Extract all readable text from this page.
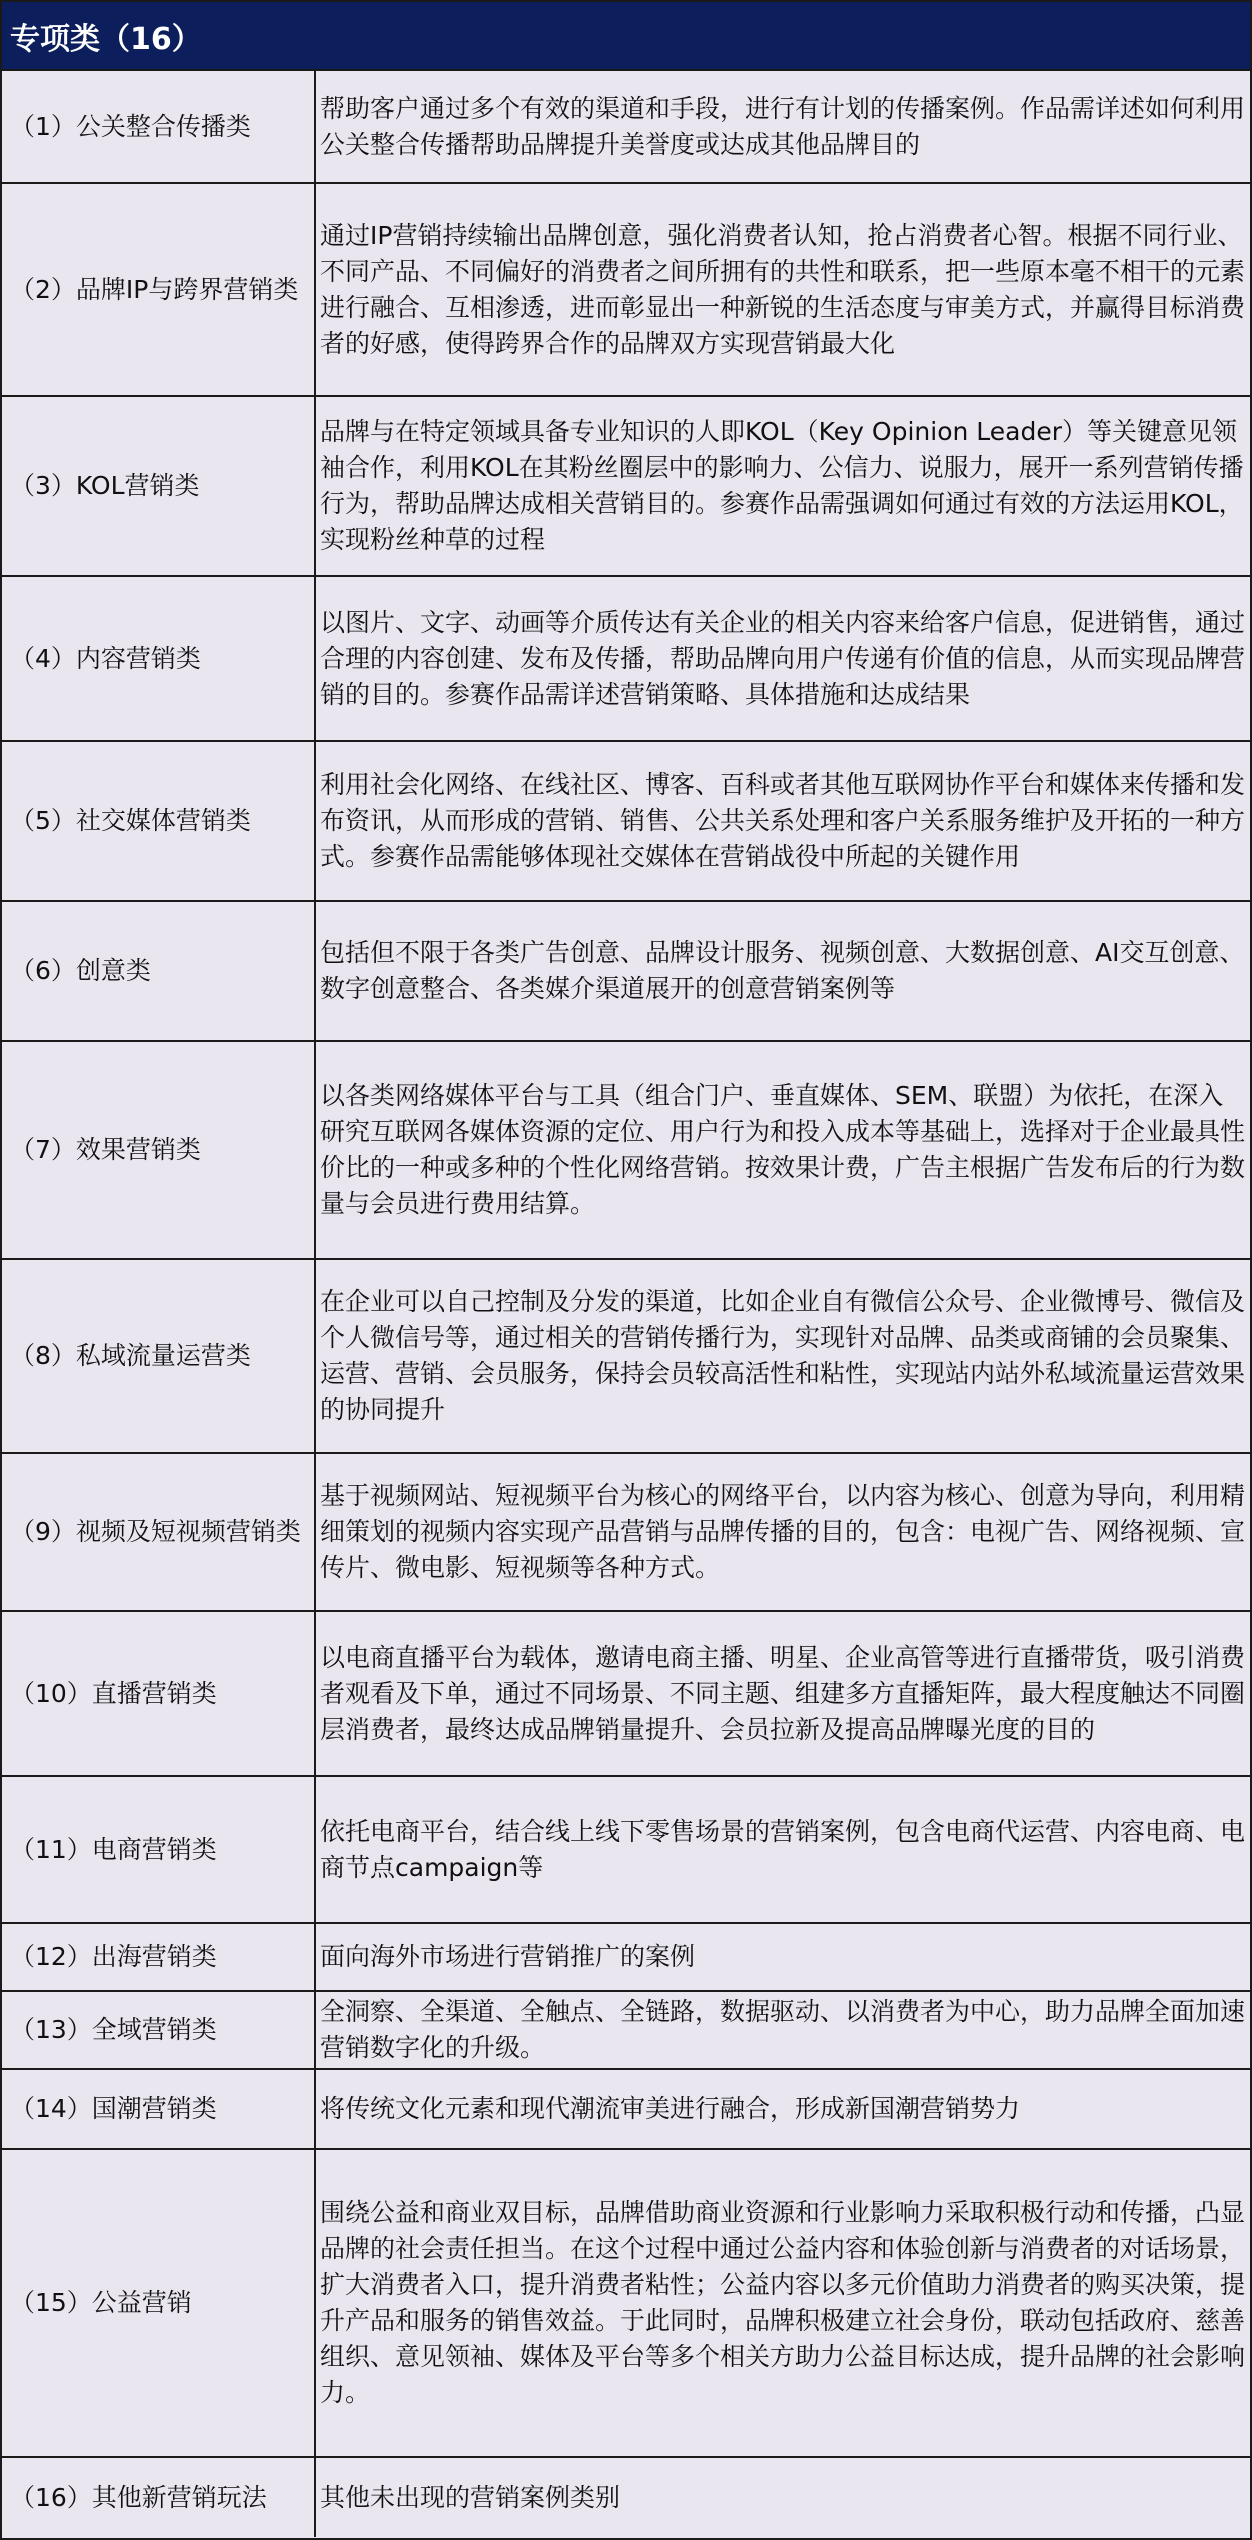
专项类（16）
（1）公关整合传播类	帮助客户通过多个有效的渠道和手段，进行有计划的传播案例。作品需详述如何利用公关整合传播帮助品牌提升美誉度或达成其他品牌目的
（2）品牌IP与跨界营销类	通过IP营销持续输出品牌创意，强化消费者认知，抢占消费者心智。根据不同行业、不同产品、不同偏好的消费者之间所拥有的共性和联系，把一些原本毫不相干的元素进行融合、互相渗透，进而彰显出一种新锐的生活态度与审美方式，并赢得目标消费者的好感，使得跨界合作的品牌双方实现营销最大化
（3）KOL营销类	品牌与在特定领域具备专业知识的人即KOL（Key Opinion Leader）等关键意见领袖合作，利用KOL在其粉丝圈层中的影响力、公信力、说服力，展开一系列营销传播行为，帮助品牌达成相关营销目的。参赛作品需强调如何通过有效的方法运用KOL，实现粉丝种草的过程
（4）内容营销类	以图片、文字、动画等介质传达有关企业的相关内容来给客户信息，促进销售，通过合理的内容创建、发布及传播，帮助品牌向用户传递有价值的信息，从而实现品牌营销的目的。参赛作品需详述营销策略、具体措施和达成结果
（5）社交媒体营销类	利用社会化网络、在线社区、博客、百科或者其他互联网协作平台和媒体来传播和发布资讯，从而形成的营销、销售、公共关系处理和客户关系服务维护及开拓的一种方式。参赛作品需能够体现社交媒体在营销战役中所起的关键作用
（6）创意类	包括但不限于各类广告创意、品牌设计服务、视频创意、大数据创意、AI交互创意、数字创意整合、各类媒介渠道展开的创意营销案例等
（7）效果营销类	以各类网络媒体平台与工具（组合门户、垂直媒体、SEM、联盟）为依托，在深入研究互联网各媒体资源的定位、用户行为和投入成本等基础上，选择对于企业最具性价比的一种或多种的个性化网络营销。按效果计费，广告主根据广告发布后的行为数量与会员进行费用结算。
（8）私域流量运营类	在企业可以自己控制及分发的渠道，比如企业自有微信公众号、企业微博号、微信及个人微信号等，通过相关的营销传播行为，实现针对品牌、品类或商铺的会员聚集、运营、营销、会员服务，保持会员较高活性和粘性，实现站内站外私域流量运营效果的协同提升
（9）视频及短视频营销类	基于视频网站、短视频平台为核心的网络平台，以内容为核心、创意为导向，利用精细策划的视频内容实现产品营销与品牌传播的目的，包含：电视广告、网络视频、宣传片、微电影、短视频等各种方式。
（10）直播营销类	以电商直播平台为载体，邀请电商主播、明星、企业高管等进行直播带货，吸引消费者观看及下单，通过不同场景、不同主题、组建多方直播矩阵，最大程度触达不同圈层消费者，最终达成品牌销量提升、会员拉新及提高品牌曝光度的目的
（11）电商营销类	依托电商平台，结合线上线下零售场景的营销案例，包含电商代运营、内容电商、电商节点campaign等
（12）出海营销类	面向海外市场进行营销推广的案例
（13）全域营销类	全洞察、全渠道、全触点、全链路，数据驱动、以消费者为中心，助力品牌全面加速营销数字化的升级。
（14）国潮营销类	将传统文化元素和现代潮流审美进行融合，形成新国潮营销势力
（15）公益营销	围绕公益和商业双目标，品牌借助商业资源和行业影响力采取积极行动和传播，凸显品牌的社会责任担当。在这个过程中通过公益内容和体验创新与消费者的对话场景，扩大消费者入口，提升消费者粘性；公益内容以多元价值助力消费者的购买决策，提升产品和服务的销售效益。于此同时，品牌积极建立社会身份，联动包括政府、慈善组织、意见领袖、媒体及平台等多个相关方助力公益目标达成，提升品牌的社会影响力。
（16）其他新营销玩法	其他未出现的营销案例类别
